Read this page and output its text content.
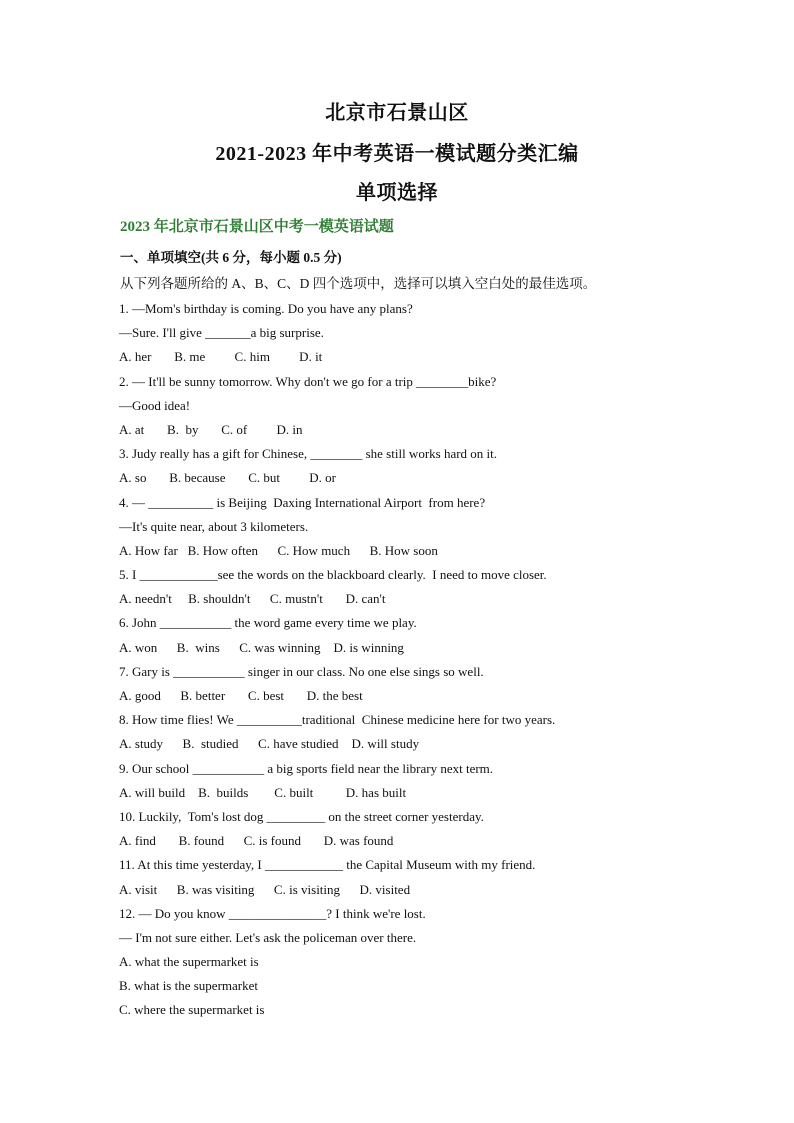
北京市石景山区
2021-2023 年中考英语一模试题分类汇编
单项选择
2023 年北京市石景山区中考一模英语试题
一、单项填空(共 6 分，每小题 0.5 分)
从下列各题所给的 A、B、C、D 四个选项中，选择可以填入空白处的最佳选项。
1. —Mom's birthday is coming. Do you have any plans?
—Sure. I'll give _______a big surprise.
A. her       B. me         C. him         D. it
2. — It'll be sunny tomorrow. Why don't we go for a trip ________bike?
—Good idea!
A. at       B.  by       C. of         D. in
3. Judy really has a gift for Chinese, ________ she still works hard on it.
A. so       B. because       C. but         D. or
4. — __________ is Beijing  Daxing International Airport  from here?
—It's quite near, about 3 kilometers.
A. How far   B. How often      C. How much      B. How soon
5. I ____________see the words on the blackboard clearly.  I need to move closer.
A. needn't     B. shouldn't      C. mustn't       D. can't
6. John ___________ the word game every time we play.
A. won      B.  wins      C. was winning    D. is winning
7. Gary is ___________ singer in our class. No one else sings so well.
A. good      B. better       C. best       D. the best
8. How time flies! We __________traditional  Chinese medicine here for two years.
A. study      B.  studied      C. have studied    D. will study
9. Our school ___________ a big sports field near the library next term.
A. will build    B.  builds        C. built          D. has built
10. Luckily,  Tom's lost dog _________ on the street corner yesterday.
A. find       B. found      C. is found       D. was found
11. At this time yesterday, I ____________ the Capital Museum with my friend.
A. visit      B. was visiting      C. is visiting      D. visited
12. — Do you know _______________? I think we're lost.
— I'm not sure either. Let's ask the policeman over there.
A. what the supermarket is
B. what is the supermarket
C. where the supermarket is
